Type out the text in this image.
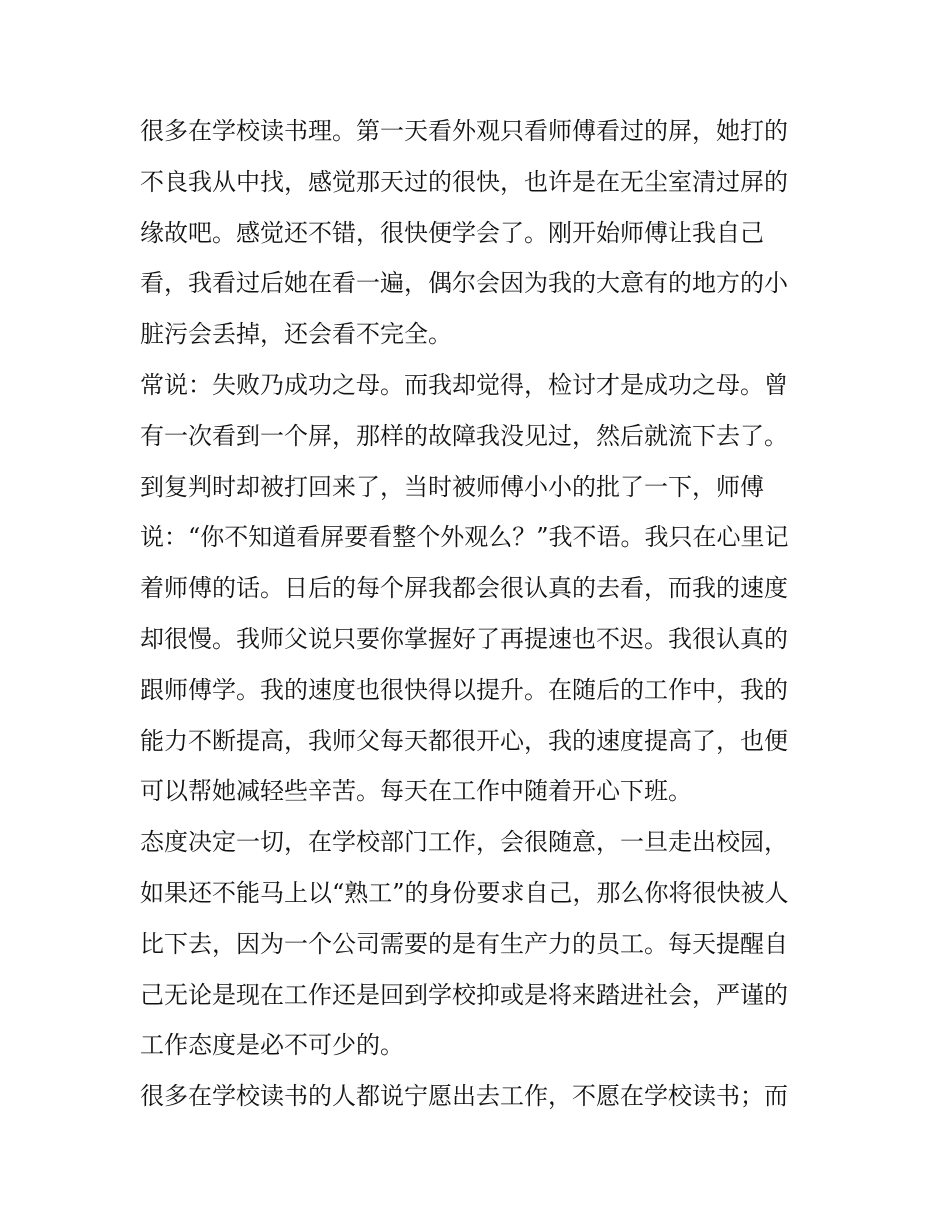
很多在学校读书理。第一天看外观只看师傅看过的屏，她打的
不良我从中找，感觉那天过的很快，也许是在无尘室清过屏的
缘故吧。感觉还不错，很快便学会了。刚开始师傅让我自己
看，我看过后她在看一遍，偶尔会因为我的大意有的地方的小
脏污会丢掉，还会看不完全。
常说：失败乃成功之母。而我却觉得，检讨才是成功之母。曾
有一次看到一个屏，那样的故障我没见过，然后就流下去了。
到复判时却被打回来了，当时被师傅小小的批了一下，师傅
说：“你不知道看屏要看整个外观么？”我不语。我只在心里记
着师傅的话。日后的每个屏我都会很认真的去看，而我的速度
却很慢。我师父说只要你掌握好了再提速也不迟。我很认真的
跟师傅学。我的速度也很快得以提升。在随后的工作中，我的
能力不断提高，我师父每天都很开心，我的速度提高了，也便
可以帮她减轻些辛苦。每天在工作中随着开心下班。
态度决定一切，在学校部门工作，会很随意，一旦走出校园，
如果还不能马上以“熟工”的身份要求自己，那么你将很快被人
比下去，因为一个公司需要的是有生产力的员工。每天提醒自
己无论是现在工作还是回到学校抑或是将来踏进社会，严谨的
工作态度是必不可少的。
很多在学校读书的人都说宁愿出去工作，不愿在学校读书；而
